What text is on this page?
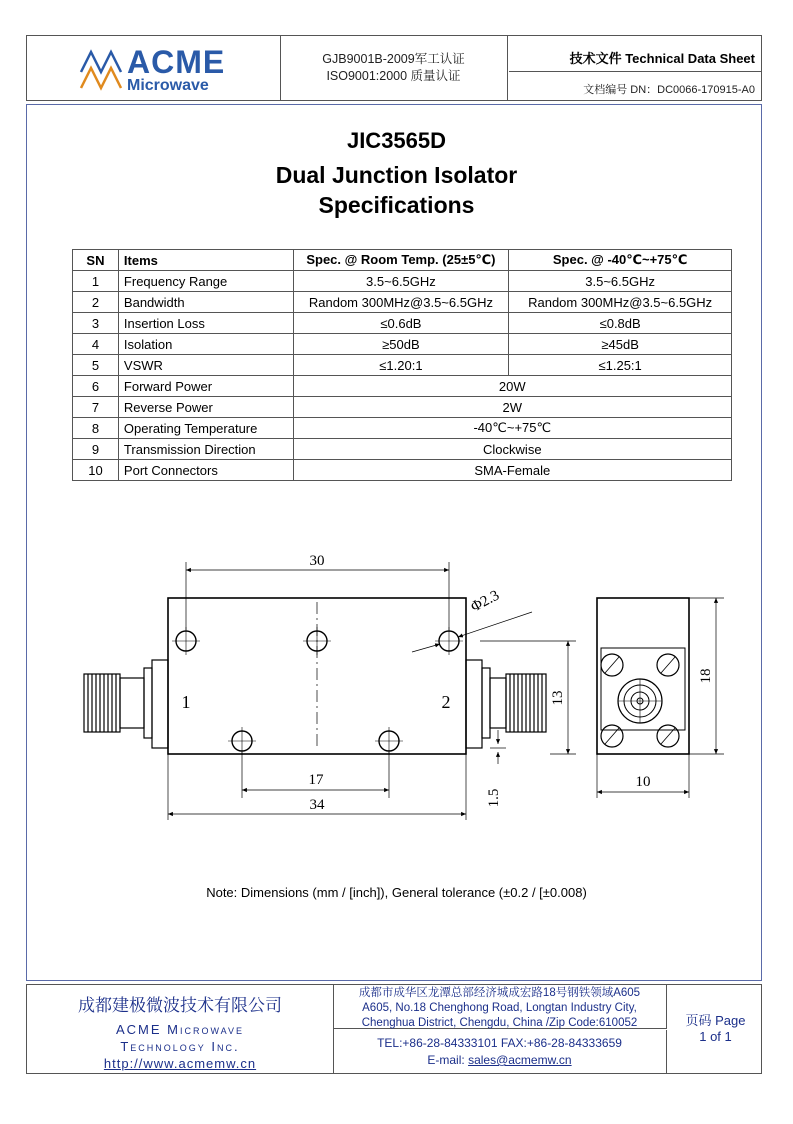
ACME
Microwave
GJB9001B-2009军工认证
ISO9001:2000 质量认证
技术文件 Technical Data Sheet
文档编号 DN：DC0066-170915-A0
JIC3565D
Dual Junction Isolator
Specifications
SN	Items	Spec. @ Room Temp. (25±5℃)	Spec. @ -40℃~+75℃
1	Frequency Range	3.5~6.5GHz	3.5~6.5GHz
2	Bandwidth	Random 300MHz@3.5~6.5GHz	Random 300MHz@3.5~6.5GHz
3	Insertion Loss	≤0.6dB	≤0.8dB
4	Isolation	≥50dB	≥45dB
5	VSWR	≤1.20:1	≤1.25:1
6	Forward Power	20W	
7	Reverse Power	2W	
8	Operating Temperature	-40℃~+75℃	
9	Transmission Direction	Clockwise	
10	Port Connectors	SMA-Female	
30
Φ2.3
1	2	13
17
34	1.5
18
10
Note: Dimensions (mm / [inch]), General tolerance (±0.2 / [±0.008)
成都建极微波技术有限公司
ACME Microwave
Technology Inc.
http://www.acmemw.cn
成都市成华区龙潭总部经济城成宏路18号钢铁领域A605
A605, No.18 Chenghong Road, Longtan Industry City,
Chenghua District, Chengdu, China /Zip Code:610052
TEL:+86-28-84333101 FAX:+86-28-84333659
E-mail: sales@acmemw.cn
页码 Page
1 of 1
